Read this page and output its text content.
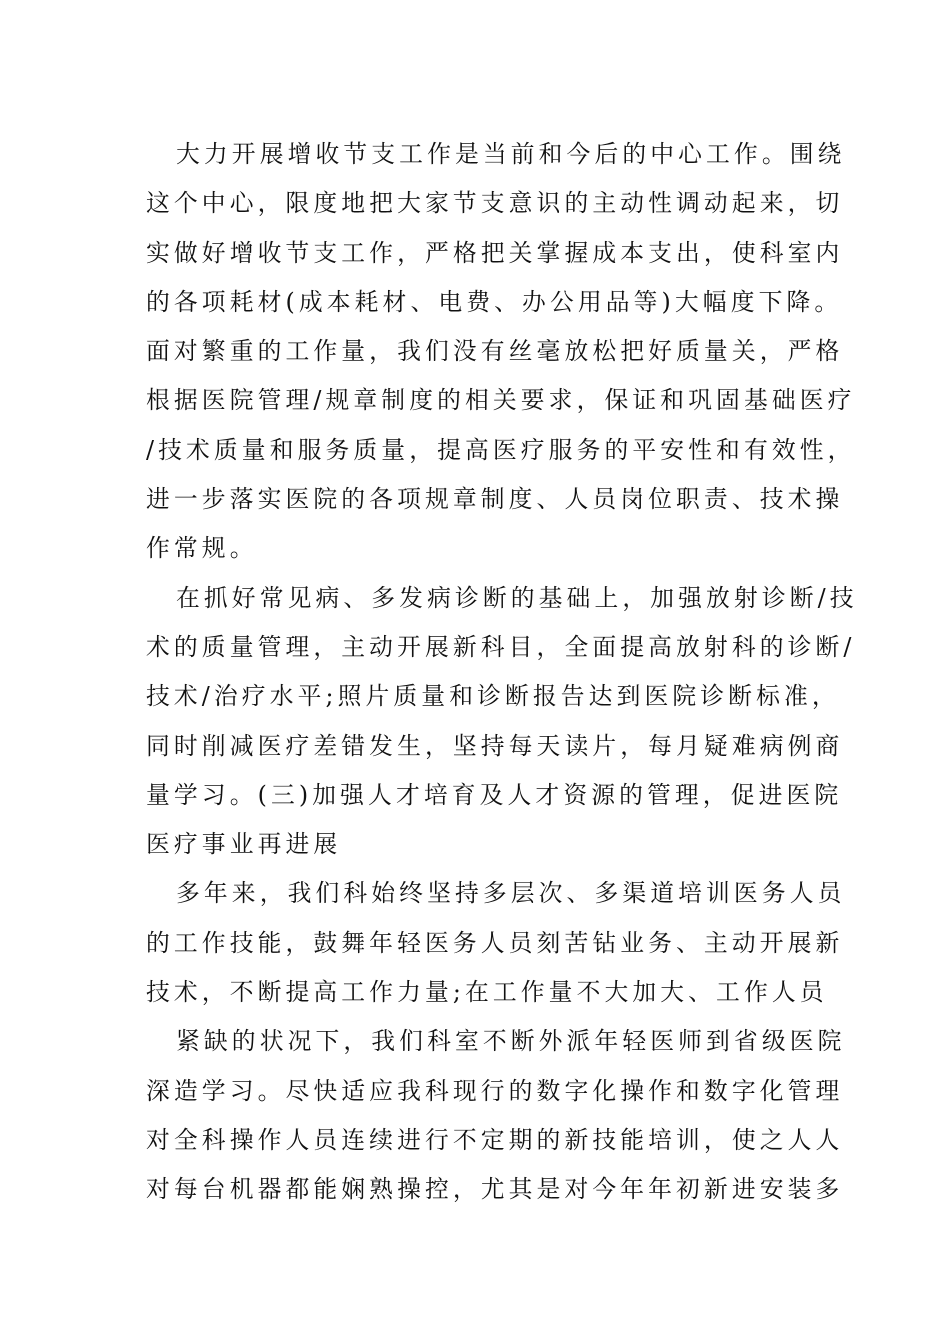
大力开展增收节支工作是当前和今后的中心工作。围绕
这个中心，限度地把大家节支意识的主动性调动起来，切
实做好增收节支工作，严格把关掌握成本支出，使科室内
的各项耗材(成本耗材、电费、办公用品等)大幅度下降。
面对繁重的工作量，我们没有丝毫放松把好质量关，严格
根据医院管理/规章制度的相关要求，保证和巩固基础医疗
/技术质量和服务质量，提高医疗服务的平安性和有效性，
进一步落实医院的各项规章制度、人员岗位职责、技术操
作常规。
在抓好常见病、多发病诊断的基础上，加强放射诊断/技
术的质量管理，主动开展新科目，全面提高放射科的诊断/
技术/治疗水平;照片质量和诊断报告达到医院诊断标准，
同时削减医疗差错发生，坚持每天读片，每月疑难病例商
量学习。(三)加强人才培育及人才资源的管理，促进医院
医疗事业再进展
多年来，我们科始终坚持多层次、多渠道培训医务人员
的工作技能，鼓舞年轻医务人员刻苦钻业务、主动开展新
技术，不断提高工作力量;在工作量不大加大、工作人员
紧缺的状况下，我们科室不断外派年轻医师到省级医院
深造学习。尽快适应我科现行的数字化操作和数字化管理
对全科操作人员连续进行不定期的新技能培训，使之人人
对每台机器都能娴熟操控，尤其是对今年年初新进安装多
